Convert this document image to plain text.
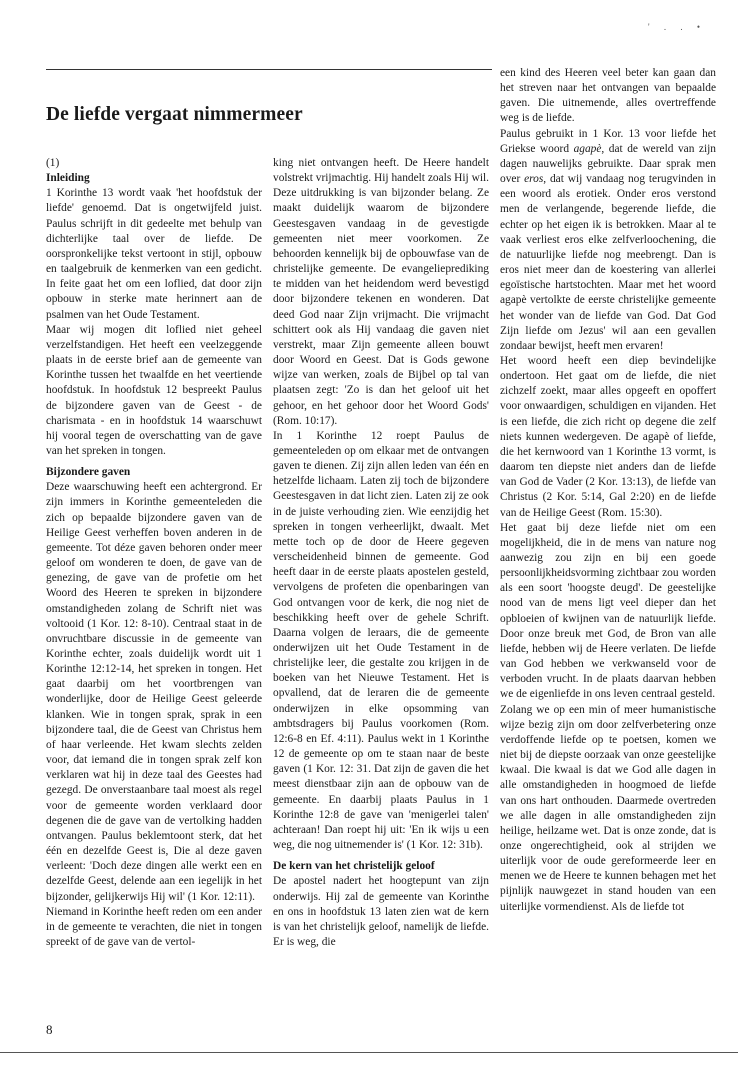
' . . •
De liefde vergaat nimmermeer
(1)
Inleiding

1 Korinthe 13 wordt vaak 'het hoofdstuk der liefde' genoemd. Dat is ongetwijfeld juist. Paulus schrijft in dit gedeelte met behulp van dichterlijke taal over de liefde. De oorspronkelijke tekst vertoont in stijl, opbouw en taalgebruik de kenmerken van een gedicht. In feite gaat het om een loflied, dat door zijn opbouw in sterke mate herinnert aan de psalmen van het Oude Testament.

Maar wij mogen dit loflied niet geheel verzelfstandigen. Het heeft een veelzeggende plaats in de eerste brief aan de gemeente van Korinthe tussen het twaalfde en het veertiende hoofdstuk. In hoofdstuk 12 bespreekt Paulus de bijzondere gaven van de Geest - de charismata - en in hoofdstuk 14 waarschuwt hij vooral tegen de overschatting van de gave van het spreken in tongen.

Bijzondere gaven

Deze waarschuwing heeft een achtergrond. Er zijn immers in Korinthe gemeenteleden die zich op bepaalde bijzondere gaven van de Heilige Geest verheffen boven anderen in de gemeente. Tot déze gaven behoren onder meer geloof om wonderen te doen, de gave van de genezing, de gave van de profetie om het Woord des Heeren te spreken in bijzondere omstandigheden zolang de Schrift niet was voltooid (1 Kor. 12: 8-10). Centraal staat in de onvruchtbare discussie in de gemeente van Korinthe echter, zoals duidelijk wordt uit 1 Korinthe 12:12-14, het spreken in tongen. Het gaat daarbij om het voortbrengen van wonderlijke, door de Heilige Geest geleerde klanken. Wie in tongen sprak, sprak in een bijzondere taal, die de Geest van Christus hem of haar verleende. Het kwam slechts zelden voor, dat iemand die in tongen sprak zelf kon verklaren wat hij in deze taal des Geestes had gezegd. De onverstaanbare taal moest als regel voor de gemeente worden verklaard door degenen die de gave van de vertolking hadden ontvangen. Paulus beklemtoont sterk, dat het één en dezelfde Geest is, Die al deze gaven verleent: 'Doch deze dingen alle werkt een en dezelfde Geest, delende aan een iegelijk in het bijzonder, gelijkerwijs Hij wil' (1 Kor. 12:11).

Niemand in Korinthe heeft reden om een ander in de gemeente te verachten, die niet in tongen spreekt of de gave van de vertol-

king niet ontvangen heeft. De Heere handelt volstrekt vrijmachtig. Hij handelt zoals Hij wil. Deze uitdrukking is van bijzonder belang. Ze maakt duidelijk waarom de bijzondere Geestesgaven vandaag in de gevestigde gemeenten niet meer voorkomen. Ze behoorden kennelijk bij de opbouwfase van de christelijke gemeente. De evangelieprediking te midden van het heidendom werd bevestigd door bijzondere tekenen en wonderen. Dat deed God naar Zijn vrijmacht. Die vrijmacht schittert ook als Hij vandaag die gaven niet verstrekt, maar Zijn gemeente alleen bouwt door Woord en Geest. Dat is Gods gewone wijze van werken, zoals de Bijbel op tal van plaatsen zegt: 'Zo is dan het geloof uit het gehoor, en het gehoor door het Woord Gods' (Rom. 10:17).

In 1 Korinthe 12 roept Paulus de gemeenteleden op om elkaar met de ontvangen gaven te dienen. Zij zijn allen leden van één en hetzelfde lichaam. Laten zij toch de bijzondere Geestesgaven in dat licht zien. Laten zij ze ook in de juiste verhouding zien. Wie eenzijdig het spreken in tongen verheerlijkt, dwaalt. Met mette toch op de door de Heere gegeven verscheidenheid binnen de gemeente. God heeft daar in de eerste plaats apostelen gesteld, vervolgens de profeten die openbaringen van God ontvangen voor de kerk, die nog niet de beschikking heeft over de gehele Schrift. Daarna volgen de leraars, die de gemeente onderwijzen uit het Oude Testament in de christelijke leer, die gestalte zou krijgen in de boeken van het Nieuwe Testament. Het is opvallend, dat de leraren die de gemeente onderwijzen in elke opsomming van ambtsdragers bij Paulus voorkomen (Rom. 12:6-8 en Ef. 4:11). Paulus wekt in 1 Korinthe 12 de gemeente op om te staan naar de beste gaven (1 Kor. 12: 31. Dat zijn de gaven die het meest dienstbaar zijn aan de opbouw van de gemeente. En daarbij plaats Paulus in 1 Korinthe 12:8 de gave van 'menigerlei talen' achteraan! Dan roept hij uit: 'En ik wijs u een weg, die nog uitnemender is' (1 Kor. 12: 31b).

De kern van het christelijk geloof

De apostel nadert het hoogtepunt van zijn onderwijs. Hij zal de gemeente van Korinthe en ons in hoofdstuk 13 laten zien wat de kern is van het christelijk geloof, namelijk de liefde. Er is weg, die

een kind des Heeren veel beter kan gaan dan het streven naar het ontvangen van bepaalde gaven. Die uitnemende, alles overtreffende weg is de liefde.

Paulus gebruikt in 1 Kor. 13 voor liefde het Griekse woord agapè, dat de wereld van zijn dagen nauwelijks gebruikte. Daar sprak men over eros, dat wij vandaag nog terugvinden in een woord als erotiek. Onder eros verstond men de verlangende, begerende liefde, die echter op het eigen ik is betrokken. Maar al te vaak verliest eros elke zelfverloochening, die de natuurlijke liefde nog meebrengt. Dan is eros niet meer dan de koestering van allerlei egoïstische hartstochten. Maar met het woord agapè vertolkte de eerste christelijke gemeente het wonder van de liefde van God. Dat God Zijn liefde om Jezus' wil aan een gevallen zondaar bewijst, heeft men ervaren!

Het woord heeft een diep bevindelijke ondertoon. Het gaat om de liefde, die niet zichzelf zoekt, maar alles opgeeft en opoffert voor onwaardigen, schuldigen en vijanden. Het is een liefde, die zich richt op degene die zelf niets kunnen wedergeven. De agapè of liefde, die het kernwoord van 1 Korinthe 13 vormt, is daarom ten diepste niet anders dan de liefde van God de Vader (2 Kor. 13:13), de liefde van Christus (2 Kor. 5:14, Gal 2:20) en de liefde van de Heilige Geest (Rom. 15:30).

Het gaat bij deze liefde niet om een mogelijkheid, die in de mens van nature nog aanwezig zou zijn en bij een goede persoonlijkheidsvorming zichtbaar zou worden als een soort 'hoogste deugd'. De geestelijke nood van de mens ligt veel dieper dan het opbloeien of kwijnen van de natuurlijk liefde. Door onze breuk met God, de Bron van alle liefde, hebben wij de Heere verlaten. De liefde van God hebben we verkwanseld voor de verboden vrucht. In de plaats daarvan hebben we de eigenliefde in ons leven centraal gesteld.

Zolang we op een min of meer humanistische wijze bezig zijn om door zelfverbetering onze verdoffende liefde op te poetsen, komen we niet bij de diepste oorzaak van onze geestelijke kwaal. Die kwaal is dat we God alle dagen in alle omstandigheden in hoogmoed de liefde van ons hart onthouden. Daarmede overtreden we alle dagen in alle omstandigheden zijn heilige, heilzame wet. Dat is onze zonde, dat is onze ongerechtigheid, ook al strijden we uiterlijk voor de oude gereformeerde leer en menen we de Heere te kunnen behagen met het pijnlijk nauwgezet in stand houden van een uiterlijke vormendienst. Als de liefde tot

8
